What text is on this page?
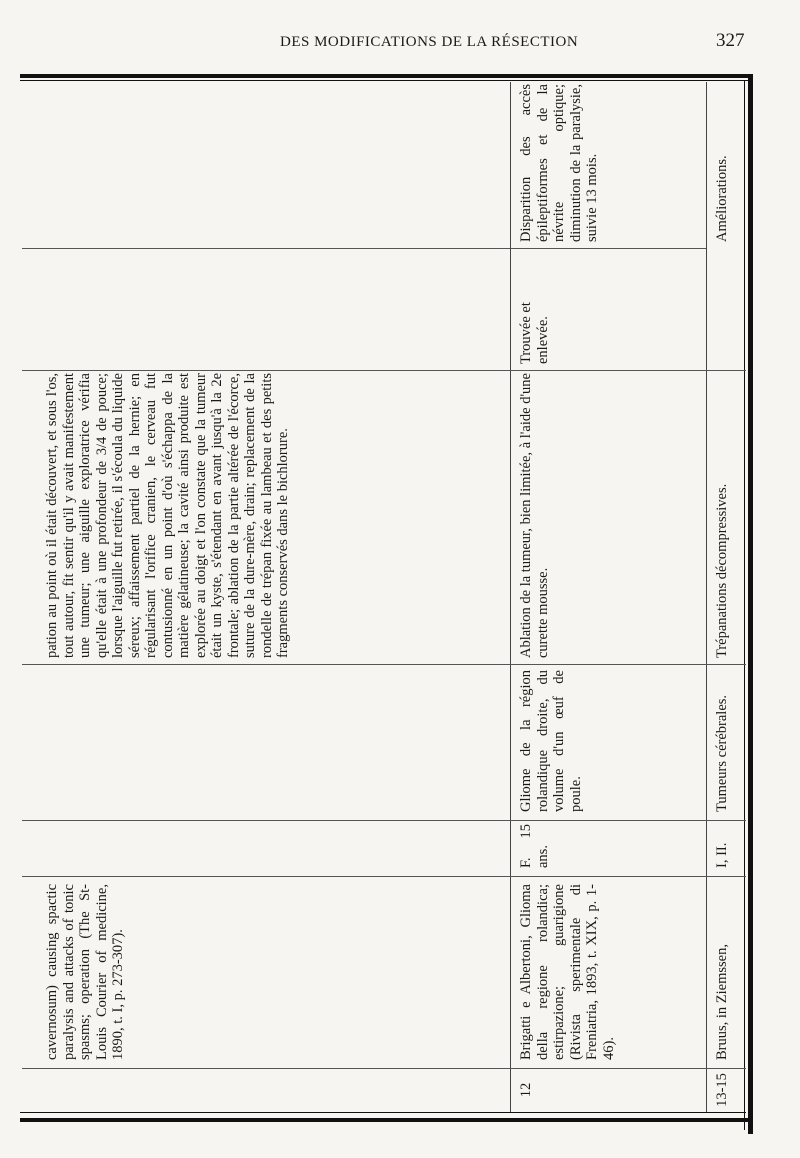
DES MODIFICATIONS DE LA RÉSECTION	327
cavernosum) causing spactic paralysis and attacks of tonic spasms; operation (The St-Louis Courier of medicine, 1890, t. I, p. 273-307).
pation au point où il était découvert, et sous l'os, tout autour, fit sentir qu'il y avait manifestement une tumeur; une aiguille exploratrice vérifia qu'elle était à une profondeur de 3/4 de pouce; lorsque l'aiguille fut retirée, il s'écoula du liquide séreux; affaissement partiel de la hernie; en régularisant l'orifice cranien, le cerveau fut contusionné en un point d'où s'échappa de la matière gélatineuse; la cavité ainsi produite est explorée au doigt et l'on constate que la tumeur était un kyste, s'étendant en avant jusqu'à la 2e frontale; ablation de la partie altérée de l'écorce, suture de la dure-mère, drain; replacement de la rondelle de trépan fixée au lambeau et des petits fragments conservés dans le bichlorure.
12
Brigatti e Albertoni, Glioma della regione rolandica; estirpazione; guarigione (Rivista sperimentale di Freniatria, 1893, t. XIX, p. 1-46).
F. 15 ans.
Gliome de la région rolandique droite, du volume d'un œuf de poule.
Ablation de la tumeur, bien limitée, à l'aide d'une curette mousse.
Trouvée et enlevée.
Disparition des accès épileptiformes et de la névrite optique; diminution de la paralysie, suivie 13 mois.
13-15
Bruus, in Ziemssen,
I, II.
Tumeurs cérébrales.
Trépanations décompressives.
Améliorations.
